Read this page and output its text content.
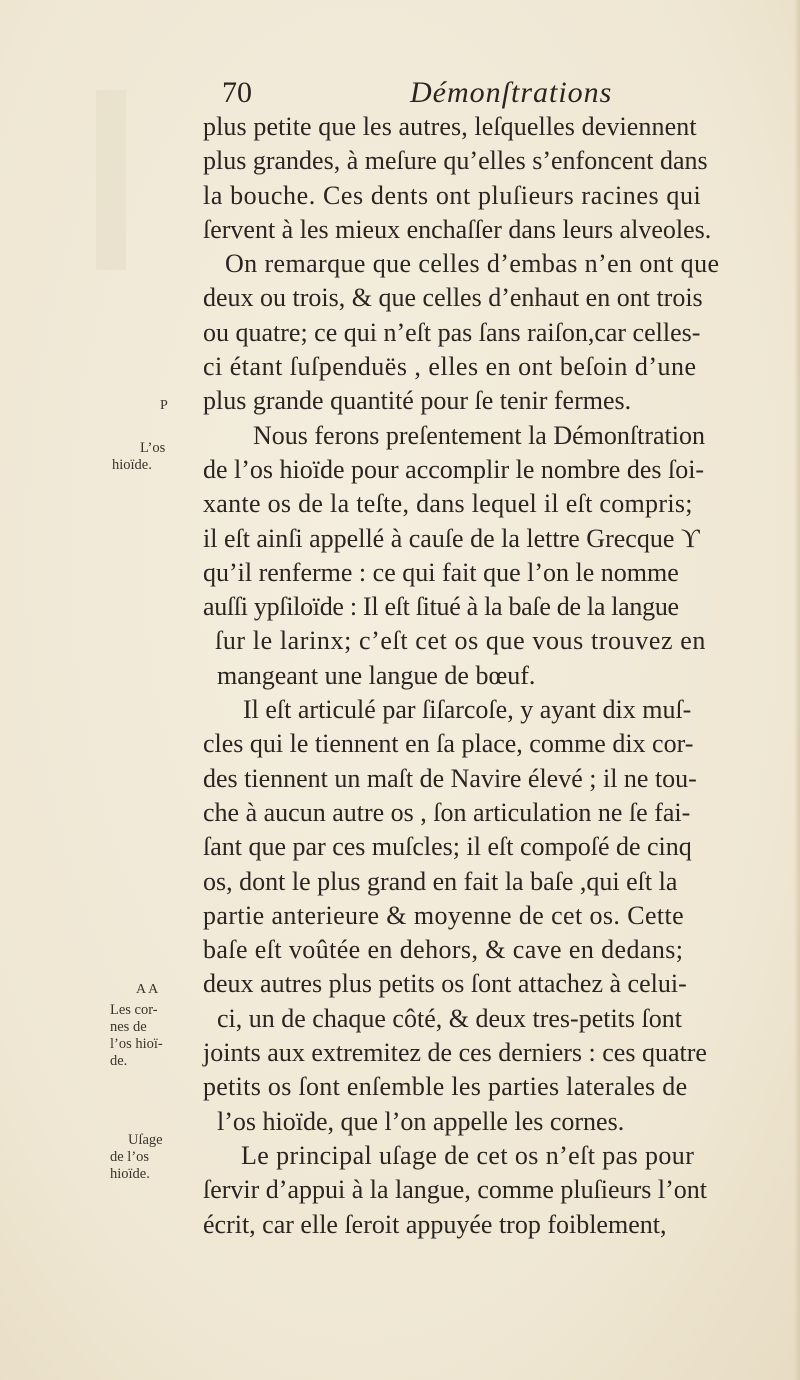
70	Démonſtrations
plus petite que les autres, leſquelles deviennent
plus grandes, à meſure qu’elles s’enfoncent dans
la bouche. Ces dents ont pluſieurs racines qui
ſervent à les mieux enchaſſer dans leurs alveoles.
On remarque que celles d’embas n’en ont que
deux ou trois, & que celles d’enhaut en ont trois
ou quatre; ce qui n’eſt pas ſans raiſon,car celles-
ci étant ſuſpenduës , elles en ont beſoin d’une
plus grande quantité pour ſe tenir fermes.
Nous ferons preſentement la Démonſtration
de l’os hioïde pour accomplir le nombre des ſoi-
xante os de la teſte, dans lequel il eſt compris;
il eſt ainſi appellé à cauſe de la lettre Grecque ϒ
qu’il renferme : ce qui fait que l’on le nomme
auſſi ypſiloïde : Il eſt ſitué à la baſe de la langue
ſur le larinx; c’eſt cet os que vous trouvez en
mangeant une langue de bœuf.
Il eſt articulé par ſiſarcoſe, y ayant dix muſ-
cles qui le tiennent en ſa place, comme dix cor-
des tiennent un maſt de Navire élevé ; il ne tou-
che à aucun autre os , ſon articulation ne ſe fai-
ſant que par ces muſcles; il eſt compoſé de cinq
os, dont le plus grand en fait la baſe ,qui eſt la
partie anterieure & moyenne de cet os. Cette
baſe eſt voûtée en dehors, & cave en dedans;
deux autres plus petits os ſont attachez à celui-
ci, un de chaque côté, & deux tres-petits ſont
joints aux extremitez de ces derniers : ces quatre
petits os ſont enſemble les parties laterales de
l’os hioïde, que l’on appelle les cornes.
Le principal uſage de cet os n’eſt pas pour
ſervir d’appui à la langue, comme pluſieurs l’ont
écrit, car elle ſeroit appuyée trop foiblement,
P
L’os
hioïde.
A A
Les cor-
nes de
l’os hioï-
de.
Uſage
de l’os
hioïde.
